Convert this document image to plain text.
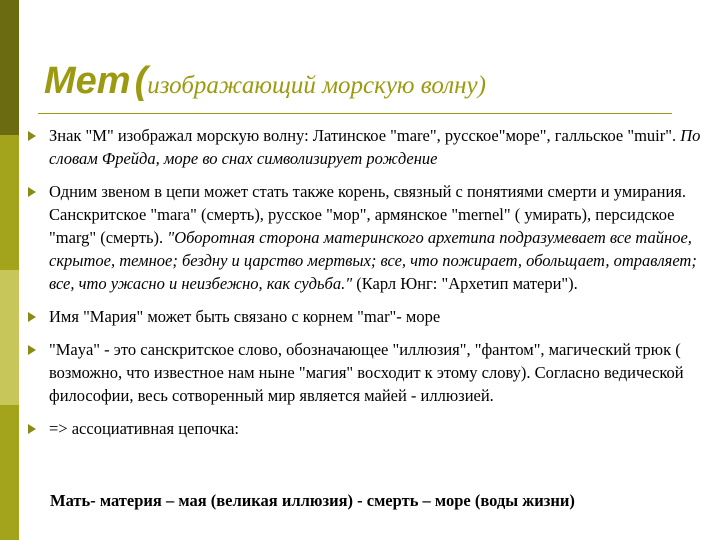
Мет (изображающий морскую волну)
Знак "М" изображал морскую волну: Латинское "mare", русское"море", галльское "muir". По словам Фрейда, море во снах символизирует рождение
Одним звеном в цепи может стать также корень, связный с понятиями смерти и умирания. Санскритское "mara" (смерть), русское "мор", армянское "mernel" ( умирать), персидское "marg" (смерть). "Оборотная сторона материнского архетипа подразумевает все тайное, скрытое, темное; бездну и царство мертвых; все, что пожирает, обольщает, отравляет; все, что ужасно и неизбежно, как судьба." (Карл Юнг: "Архетип матери").
Имя "Мария" может быть связано с корнем "mar"- море
"Maya" - это санскритское слово, обозначающее "иллюзия", "фантом", магический трюк ( возможно, что известное нам ныне "магия" восходит к этому слову). Согласно ведической философии, весь сотворенный мир является майей - иллюзией.
=> ассоциативная цепочка:
Мать- материя – мая (великая иллюзия) - смерть – море (воды жизни)
